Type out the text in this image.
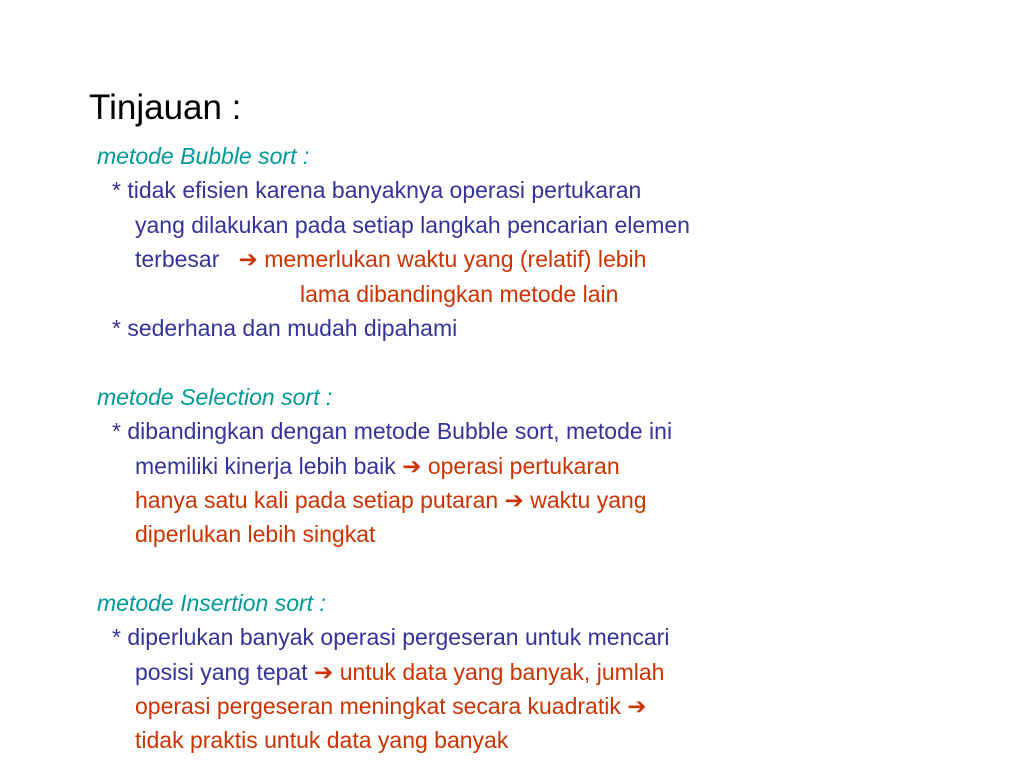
Tinjauan :
metode Bubble sort :
* tidak efisien karena banyaknya operasi pertukaran
yang dilakukan pada setiap langkah pencarian elemen
terbesar ➔ memerlukan waktu yang (relatif) lebih
lama dibandingkan metode lain
* sederhana dan mudah dipahami
metode Selection sort :
* dibandingkan dengan metode Bubble sort, metode ini
memiliki kinerja lebih baik ➔ operasi pertukaran
hanya satu kali pada setiap putaran ➔ waktu yang
diperlukan lebih singkat
metode Insertion sort :
* diperlukan banyak operasi pergeseran untuk mencari
posisi yang tepat ➔ untuk data yang banyak, jumlah
operasi pergeseran meningkat secara kuadratik ➔
tidak praktis untuk data yang banyak
